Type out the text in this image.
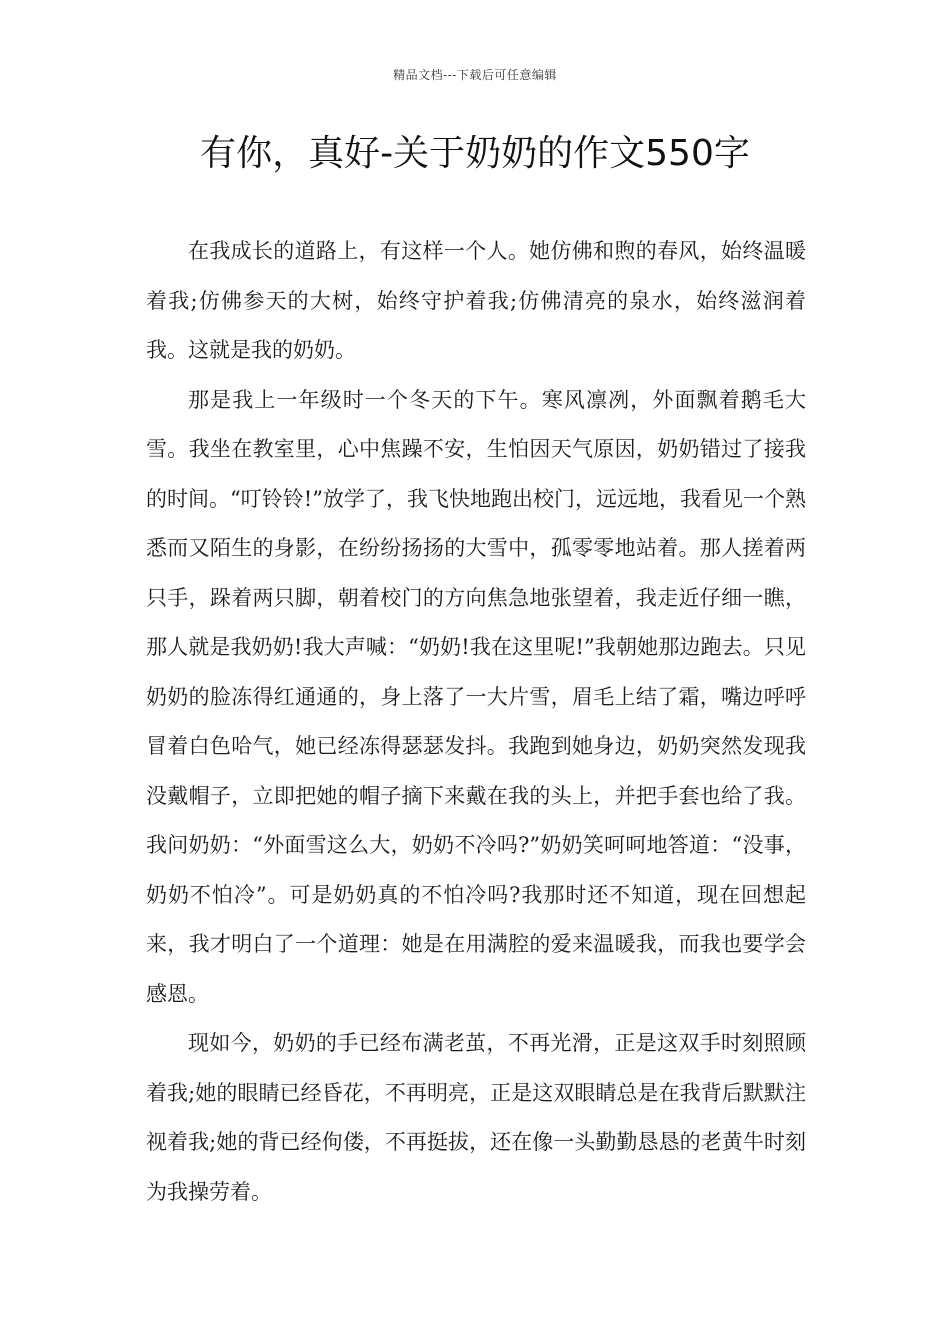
精品文档---下载后可任意编辑
有你，真好-关于奶奶的作文550字

在我成长的道路上，有这样一个人。她仿佛和煦的春风，始终温暖着我;仿佛参天的大树，始终守护着我;仿佛清亮的泉水，始终滋润着我。这就是我的奶奶。

那是我上一年级时一个冬天的下午。寒风凛冽，外面飘着鹅毛大雪。我坐在教室里，心中焦躁不安，生怕因天气原因，奶奶错过了接我的时间。“叮铃铃!”放学了，我飞快地跑出校门，远远地，我看见一个熟悉而又陌生的身影，在纷纷扬扬的大雪中，孤零零地站着。那人搓着两只手，跺着两只脚，朝着校门的方向焦急地张望着，我走近仔细一瞧，那人就是我奶奶!我大声喊：“奶奶!我在这里呢!”我朝她那边跑去。只见奶奶的脸冻得红通通的，身上落了一大片雪，眉毛上结了霜，嘴边呼呼冒着白色哈气，她已经冻得瑟瑟发抖。我跑到她身边，奶奶突然发现我没戴帽子，立即把她的帽子摘下来戴在我的头上，并把手套也给了我。我问奶奶：“外面雪这么大，奶奶不冷吗?”奶奶笑呵呵地答道：“没事，奶奶不怕冷”。可是奶奶真的不怕冷吗?我那时还不知道，现在回想起来，我才明白了一个道理：她是在用满腔的爱来温暖我，而我也要学会感恩。

现如今，奶奶的手已经布满老茧，不再光滑，正是这双手时刻照顾着我;她的眼睛已经昏花，不再明亮，正是这双眼睛总是在我背后默默注视着我;她的背已经佝偻，不再挺拔，还在像一头勤勤恳恳的老黄牛时刻为我操劳着。
